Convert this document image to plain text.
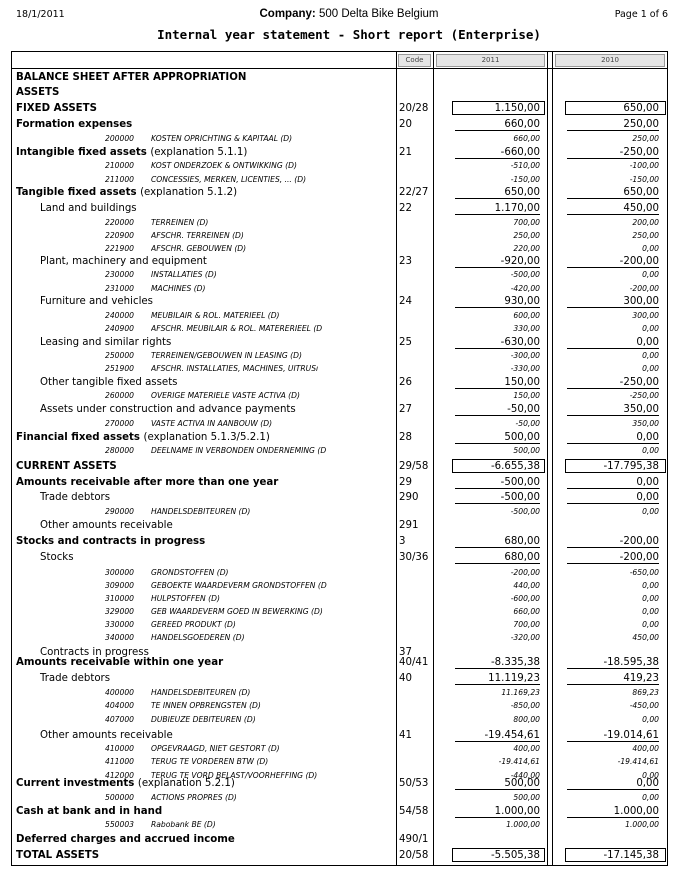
18/1/2011	Company: 500 Delta Bike Belgium	Page 1 of 6
Internal year statement - Short report (Enterprise)
Code	2011	2010
BALANCE SHEET AFTER APPROPRIATION
ASSETS
FIXED ASSETS	20/28	1.150,00	650,00
Formation expenses	20	660,00	250,00
200000 KOSTEN OPRICHTING & KAPITAAL (D)	660,00	250,00
Intangible fixed assets (explanation 5.1.1)	21	-660,00	-250,00
210000 KOST ONDERZOEK & ONTWIKKING (D)	-510,00	-100,00
211000 CONCESSIES, MERKEN, LICENTIES, ... (D)	-150,00	-150,00
Tangible fixed assets (explanation 5.1.2)	22/27	650,00	650,00
Land and buildings	22	1.170,00	450,00
220000 TERREINEN (D)	700,00	200,00
220900 AFSCHR. TERREINEN (D)	250,00	250,00
221900 AFSCHR. GEBOUWEN (D)	220,00	0,00
Plant, machinery and equipment	23	-920,00	-200,00
230000 INSTALLATIES (D)	-500,00	0,00
231000 MACHINES (D)	-420,00	-200,00
Furniture and vehicles	24	930,00	300,00
240000 MEUBILAIR & ROL. MATERIEEL (D)	600,00	300,00
240900 AFSCHR. MEUBILAIR & ROL. MATERERIEEL (D	330,00	0,00
Leasing and similar rights	25	-630,00	0,00
250000 TERREINEN/GEBOUWEN IN LEASING (D)	-300,00	0,00
251900 AFSCHR. INSTALLATIES, MACHINES, UITRUSı	-330,00	0,00
Other tangible fixed assets	26	150,00	-250,00
260000 OVERIGE MATERIELE VASTE ACTIVA (D)	150,00	-250,00
Assets under construction and advance payments	27	-50,00	350,00
270000 VASTE ACTIVA IN AANBOUW (D)	-50,00	350,00
Financial fixed assets (explanation 5.1.3/5.2.1)	28	500,00	0,00
280000 DEELNAME IN VERBONDEN ONDERNEMING (D	500,00	0,00
CURRENT ASSETS	29/58	-6.655,38	-17.795,38
Amounts receivable after more than one year	29	-500,00	0,00
Trade debtors	290	-500,00	0,00
290000 HANDELSDEBITEUREN (D)	-500,00	0,00
Other amounts receivable	291
Stocks and contracts in progress	3	680,00	-200,00
Stocks	30/36	680,00	-200,00
300000 GRONDSTOFFEN (D)	-200,00	-650,00
309000 GEBOEKTE WAARDEVERM GRONDSTOFFEN (D	440,00	0,00
310000 HULPSTOFFEN (D)	-600,00	0,00
329000 GEB WAARDEVERM GOED IN BEWERKING (D)	660,00	0,00
330000 GEREED PRODUKT (D)	700,00	0,00
340000 HANDELSGOEDEREN (D)	-320,00	450,00
Contracts in progress	37
Amounts receivable within one year	40/41	-8.335,38	-18.595,38
Trade debtors	40	11.119,23	419,23
400000 HANDELSDEBITEUREN (D)	11.169,23	869,23
404000 TE INNEN OPBRENGSTEN (D)	-850,00	-450,00
407000 DUBIEUZE DEBITEUREN (D)	800,00	0,00
Other amounts receivable	41	-19.454,61	-19.014,61
410000 OPGEVRAAGD, NIET GESTORT (D)	400,00	400,00
411000 TERUG TE VORDEREN BTW (D)	-19.414,61	-19.414,61
412000 TERUG TE VORD BELAST/VOORHEFFING (D)	-440,00	0,00
Current investments (explanation 5.2.1)	50/53	500,00	0,00
500000 ACTIONS PROPRES (D)	500,00	0,00
Cash at bank and in hand	54/58	1.000,00	1.000,00
550003 Rabobank BE (D)	1.000,00	1.000,00
Deferred charges and accrued income	490/1
TOTAL ASSETS	20/58	-5.505,38	-17.145,38
